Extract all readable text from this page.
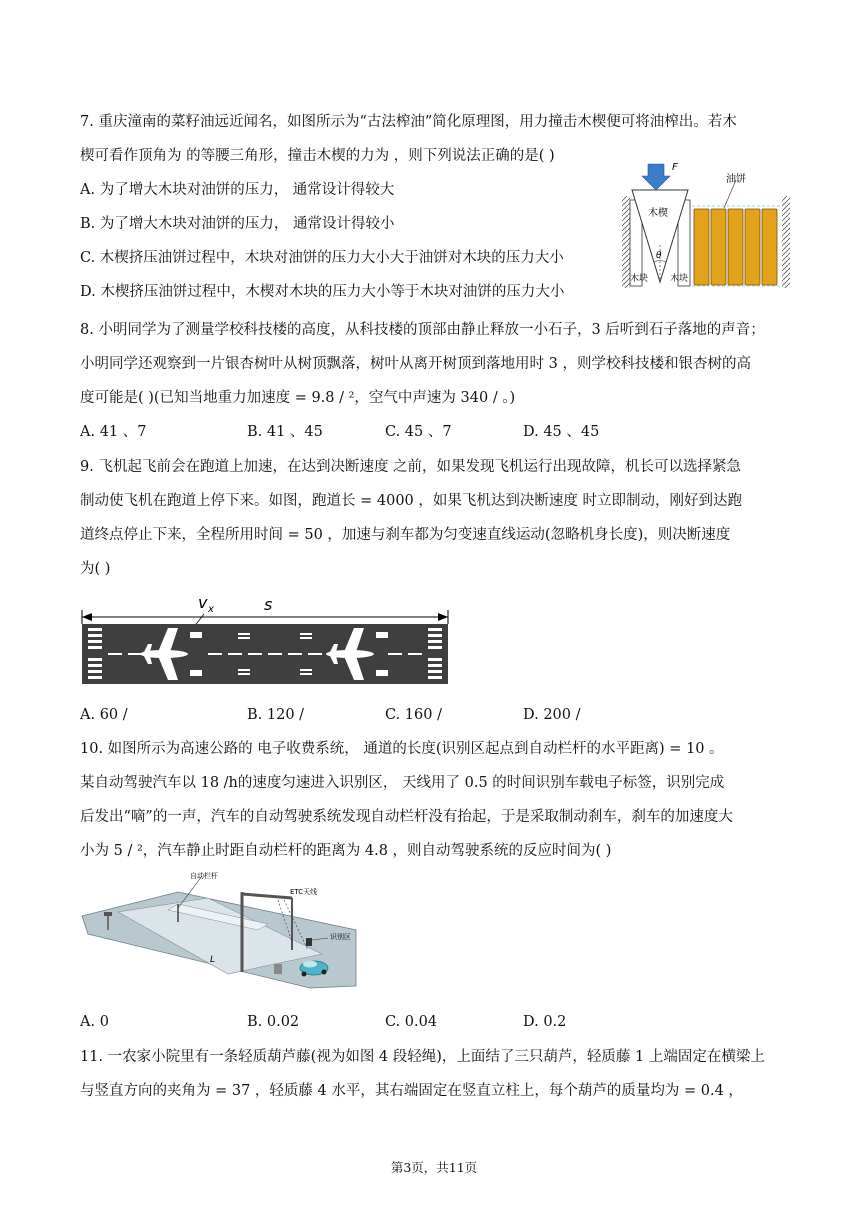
7. 重庆潼南的菜籽油远近闻名，如图所示为“古法榨油”简化原理图，用力撞击木楔便可将油榨出。若木
楔可看作顶角为 的等腰三角形，撞击木楔的力为 ，则下列说法正确的是( )
A. 为了增大木块对油饼的压力， 通常设计得较大
B. 为了增大木块对油饼的压力， 通常设计得较小
C. 木楔挤压油饼过程中，木块对油饼的压力大小大于油饼对木块的压力大小
D. 木楔挤压油饼过程中，木楔对木块的压力大小等于木块对油饼的压力大小
F
木楔
θ
木块 木块
油饼
8. 小明同学为了测量学校科技楼的高度，从科技楼的顶部由静止释放一小石子，3 后听到石子落地的声音；
小明同学还观察到一片银杏树叶从树顶飘落，树叶从离开树顶到落地用时 3 ，则学校科技楼和银杏树的高
度可能是( )(已知当地重力加速度 = 9.8 / ²，空气中声速为 340 / 。)
A. 41 、7	B. 41 、45	C. 45 、7	D. 45 、45
9. 飞机起飞前会在跑道上加速，在达到决断速度 之前，如果发现飞机运行出现故障，机长可以选择紧急
制动使飞机在跑道上停下来。如图，跑道长 = 4000 ，如果飞机达到决断速度 时立即制动，刚好到达跑
道终点停止下来，全程所用时间 = 50 ，加速与刹车都为匀变速直线运动(忽略机身长度)，则决断速度
为( )
v x	s
A. 60 /	B. 120 /	C. 160 /	D. 200 /
10. 如图所示为高速公路的 电子收费系统， 通道的长度(识别区起点到自动栏杆的水平距离) = 10 。
某自动驾驶汽车以 18 /h的速度匀速进入识别区， 天线用了 0.5 的时间识别车载电子标签，识别完成
后发出“嘀”的一声，汽车的自动驾驶系统发现自动栏杆没有抬起，于是采取制动刹车，刹车的加速度大
小为 5 / ²，汽车静止时距自动栏杆的距离为 4.8 ，则自动驾驶系统的反应时间为( )
自动栏杆
ETC天线
识别区
L
A. 0	B. 0.02	C. 0.04	D. 0.2
11. 一农家小院里有一条轻质葫芦藤(视为如图 4 段轻绳)，上面结了三只葫芦，轻质藤 1 上端固定在横梁上
与竖直方向的夹角为 = 37 ，轻质藤 4 水平，其右端固定在竖直立柱上，每个葫芦的质量均为 = 0.4 ，
第3页，共11页
